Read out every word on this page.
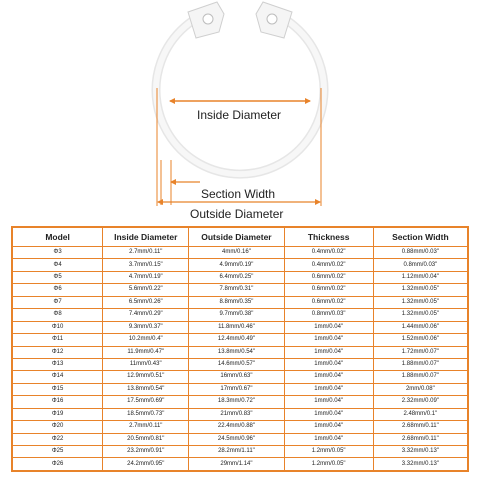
Inside Diameter
Section Width
Outside Diameter
Model	Inside Diameter	Outside Diameter	Thickness	Section Width
Φ3	2.7mm/0.11"	4mm/0.16"	0.4mm/0.02"	0.88mm/0.03"
Φ4	3.7mm/0.15"	4.9mm/0.19"	0.4mm/0.02"	0.8mm/0.03"
Φ5	4.7mm/0.19"	6.4mm/0.25"	0.6mm/0.02"	1.12mm/0.04"
Φ6	5.6mm/0.22"	7.8mm/0.31"	0.6mm/0.02"	1.32mm/0.05"
Φ7	6.5mm/0.26"	8.8mm/0.35"	0.6mm/0.02"	1.32mm/0.05"
Φ8	7.4mm/0.29"	9.7mm/0.38"	0.8mm/0.03"	1.32mm/0.05"
Φ10	9.3mm/0.37"	11.8mm/0.46"	1mm/0.04"	1.44mm/0.06"
Φ11	10.2mm/0.4"	12.4mm/0.49"	1mm/0.04"	1.52mm/0.06"
Φ12	11.9mm/0.47"	13.8mm/0.54"	1mm/0.04"	1.72mm/0.07"
Φ13	11mm/0.43"	14.6mm/0.57"	1mm/0.04"	1.88mm/0.07"
Φ14	12.9mm/0.51"	16mm/0.63"	1mm/0.04"	1.88mm/0.07"
Φ15	13.8mm/0.54"	17mm/0.67"	1mm/0.04"	2mm/0.08"
Φ16	17.5mm/0.69"	18.3mm/0.72"	1mm/0.04"	2.32mm/0.09"
Φ19	18.5mm/0.73"	21mm/0.83"	1mm/0.04"	2.48mm/0.1"
Φ20	2.7mm/0.11"	22.4mm/0.88"	1mm/0.04"	2.68mm/0.11"
Φ22	20.5mm/0.81"	24.5mm/0.96"	1mm/0.04"	2.68mm/0.11"
Φ25	23.2mm/0.91"	28.2mm/1.11"	1.2mm/0.05"	3.32mm/0.13"
Φ26	24.2mm/0.95"	29mm/1.14"	1.2mm/0.05"	3.32mm/0.13"
